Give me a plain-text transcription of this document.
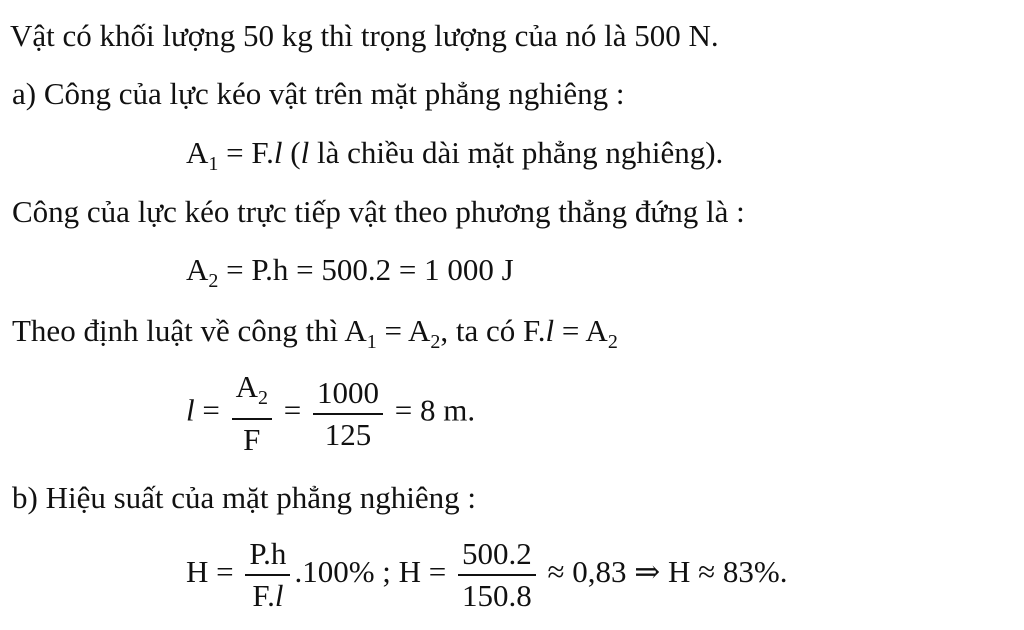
Vật có khối lượng 50 kg thì trọng lượng của nó là 500 N.
a) Công của lực kéo vật trên mặt phẳng nghiêng :
$A_1 = F.l$ (l là chiều dài mặt phẳng nghiêng).
Công của lực kéo trực tiếp vật theo phương thẳng đứng là :
$A_2 = P.h = 500.2 = 1$ 000 J
Theo định luật về công thì $A_1 = A_2$, ta có $F.l = A_2$
$l = \frac{A_2}{F} = \frac{1000}{125} = 8$ m.
b) Hiệu suất của mặt phẳng nghiêng :
$H = \frac{P.h}{F.l} .100\%$ ; $H = \frac{500.2}{150.8} \approx 0,83$ ⇒ H ≈ 83%.
